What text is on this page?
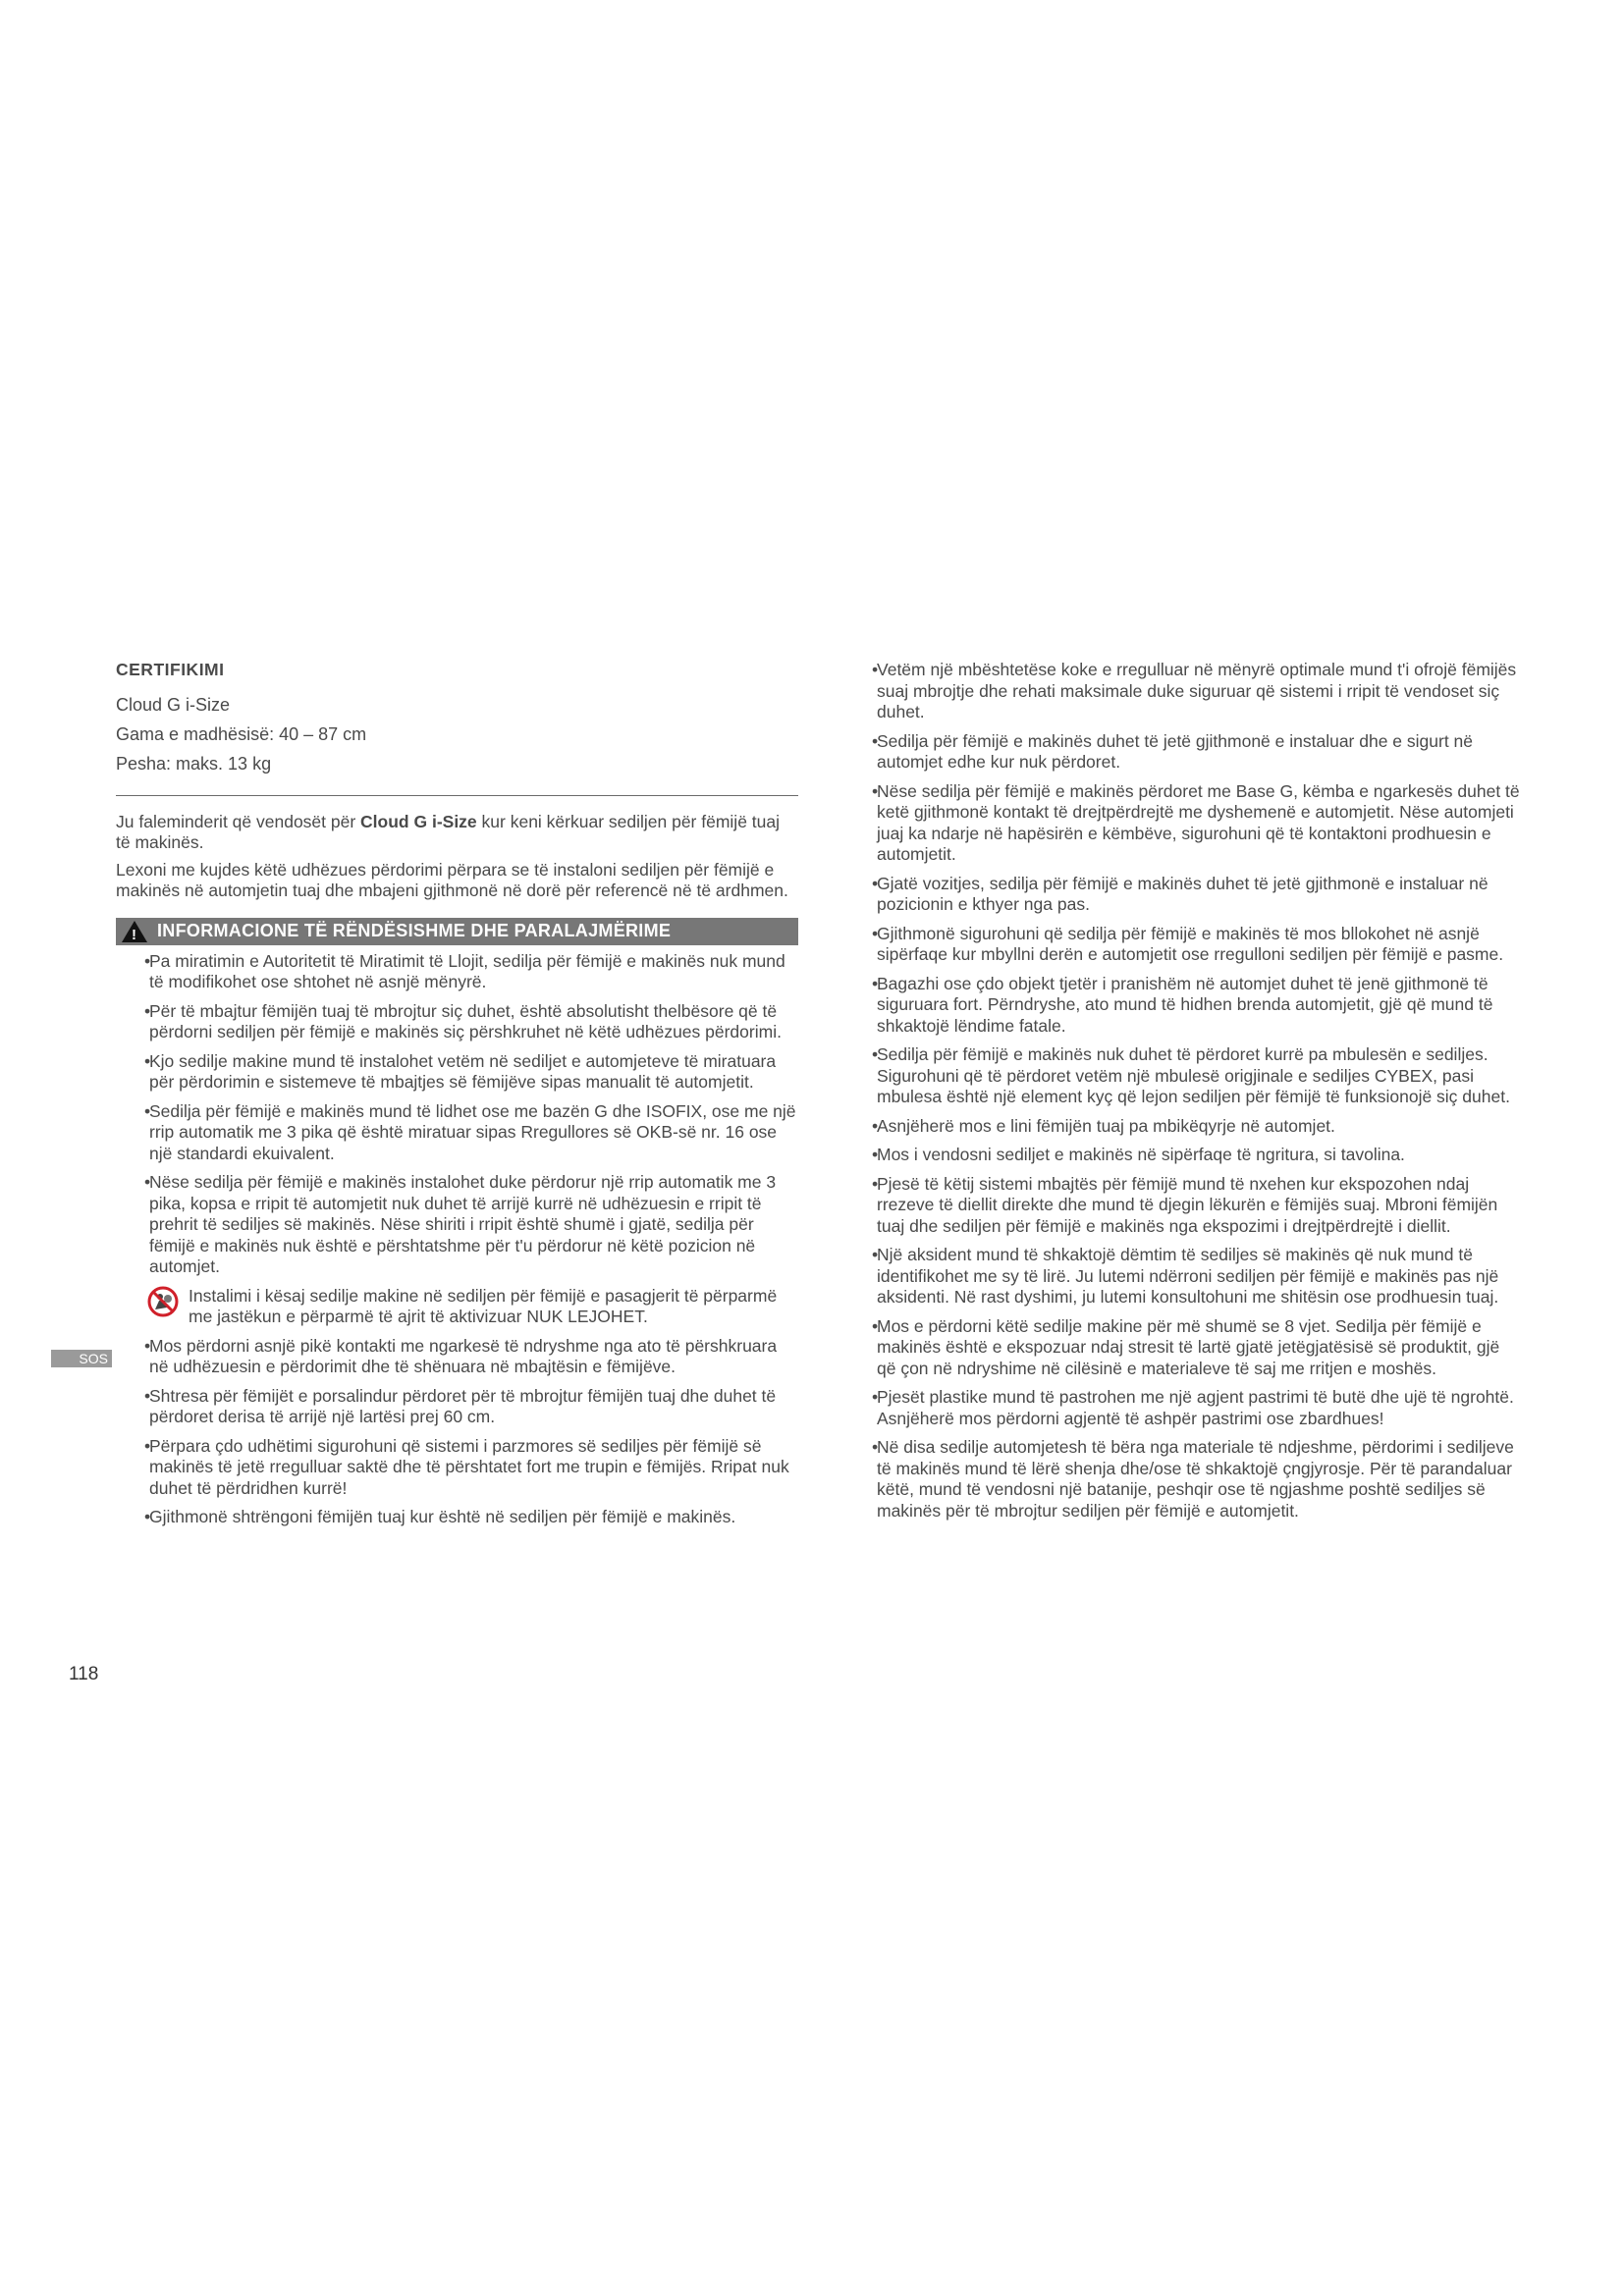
CERTIFIKIMI
Cloud G i-Size
Gama e madhësisë: 40 – 87 cm
Pesha: maks. 13 kg

Ju faleminderit që vendosët për Cloud G i-Size kur keni kërkuar sediljen për fëmijë tuaj të makinës.

Lexoni me kujdes këtë udhëzues përdorimi përpara se të instaloni sediljen për fëmijë e makinës në automjetin tuaj dhe mbajeni gjithmonë në dorë për referencë në të ardhmen.

! INFORMACIONE TË RËNDËSISHME DHE PARALAJMËRIME
• Pa miratimin e Autoritetit të Miratimit të Llojit, sedilja për fëmijë e makinës nuk mund të modifikohet ose shtohet në asnjë mënyrë.
• Për të mbajtur fëmijën tuaj të mbrojtur siç duhet, është absolutisht thelbësore që të përdorni sediljen për fëmijë e makinës siç përshkruhet në këtë udhëzues përdorimi.
• Kjo sedilje makine mund të instalohet vetëm në sediljet e automjeteve të miratuara për përdorimin e sistemeve të mbajtjes së fëmijëve sipas manualit të automjetit.
• Sedilja për fëmijë e makinës mund të lidhet ose me bazën G dhe ISOFIX, ose me një rrip automatik me 3 pika që është miratuar sipas Rregullores së OKB-së nr. 16 ose një standardi ekuivalent.
• Nëse sedilja për fëmijë e makinës instalohet duke përdorur një rrip automatik me 3 pika, kopsa e rripit të automjetit nuk duhet të arrijë kurrë në udhëzuesin e rripit të prehrit të sediljes së makinës. Nëse shiriti i rripit është shumë i gjatë, sedilja për fëmijë e makinës nuk është e përshtatshme për t'u përdorur në këtë pozicion në automjet.
Instalimi i kësaj sedilje makine në sediljen për fëmijë e pasagjerit të përparmë me jastëkun e përparmë të ajrit të aktivizuar NUK LEJOHET.
• Mos përdorni asnjë pikë kontakti me ngarkesë të ndryshme nga ato të përshkruara në udhëzuesin e përdorimit dhe të shënuara në mbajtësin e fëmijëve.
• Shtresa për fëmijët e porsalindur përdoret për të mbrojtur fëmijën tuaj dhe duhet të përdoret derisa të arrijë një lartësi prej 60 cm.
• Përpara çdo udhëtimi sigurohuni që sistemi i parzmores së sediljes për fëmijë së makinës të jetë rregulluar saktë dhe të përshtatet fort me trupin e fëmijës. Rripat nuk duhet të përdridhen kurrë!
• Gjithmonë shtrëngoni fëmijën tuaj kur është në sediljen për fëmijë e makinës.
• Vetëm një mbështetëse koke e rregulluar në mënyrë optimale mund t'i ofrojë fëmijës suaj mbrojtje dhe rehati maksimale duke siguruar që sistemi i rripit të vendoset siç duhet.
• Sedilja për fëmijë e makinës duhet të jetë gjithmonë e instaluar dhe e sigurt në automjet edhe kur nuk përdoret.
• Nëse sedilja për fëmijë e makinës përdoret me Base G, këmba e ngarkesës duhet të ketë gjithmonë kontakt të drejtpërdrejtë me dyshemenë e automjetit. Nëse automjeti juaj ka ndarje në hapësirën e këmbëve, sigurohuni që të kontaktoni prodhuesin e automjetit.
• Gjatë vozitjes, sedilja për fëmijë e makinës duhet të jetë gjithmonë e instaluar në pozicionin e kthyer nga pas.
• Gjithmonë sigurohuni që sedilja për fëmijë e makinës të mos bllokohet në asnjë sipërfaqe kur mbyllni derën e automjetit ose rregulloni sediljen për fëmijë e pasme.
• Bagazhi ose çdo objekt tjetër i pranishëm në automjet duhet të jenë gjithmonë të siguruara fort. Përndryshe, ato mund të hidhen brenda automjetit, gjë që mund të shkaktojë lëndime fatale.
• Sedilja për fëmijë e makinës nuk duhet të përdoret kurrë pa mbulesën e sediljes. Sigurohuni që të përdoret vetëm një mbulesë origjinale e sediljes CYBEX, pasi mbulesa është një element kyç që lejon sediljen për fëmijë të funksionojë siç duhet.
• Asnjëherë mos e lini fëmijën tuaj pa mbikëqyrje në automjet.
• Mos i vendosni sediljet e makinës në sipërfaqe të ngritura, si tavolina.
• Pjesë të këtij sistemi mbajtës për fëmijë mund të nxehen kur ekspozohen ndaj rrezeve të diellit direkte dhe mund të djegin lëkurën e fëmijës suaj. Mbroni fëmijën tuaj dhe sediljen për fëmijë e makinës nga ekspozimi i drejtpërdrejtë i diellit.
• Një aksident mund të shkaktojë dëmtim të sediljes së makinës që nuk mund të identifikohet me sy të lirë. Ju lutemi ndërroni sediljen për fëmijë e makinës pas një aksidenti. Në rast dyshimi, ju lutemi konsultohuni me shitësin ose prodhuesin tuaj.
• Mos e përdorni këtë sedilje makine për më shumë se 8 vjet. Sedilja për fëmijë e makinës është e ekspozuar ndaj stresit të lartë gjatë jetëgjatësisë së produktit, gjë që çon në ndryshime në cilësinë e materialeve të saj me rritjen e moshës.
• Pjesët plastike mund të pastrohen me një agjent pastrimi të butë dhe ujë të ngrohtë. Asnjëherë mos përdorni agjentë të ashpër pastrimi ose zbardhues!
• Në disa sedilje automjetesh të bëra nga materiale të ndjeshme, përdorimi i sediljeve të makinës mund të lërë shenja dhe/ose të shkaktojë çngjyrosje. Për të parandaluar këtë, mund të vendosni një batanije, peshqir ose të ngjashme poshtë sediljes së makinës për të mbrojtur sediljen për fëmijë e automjetit.
SOS
118
